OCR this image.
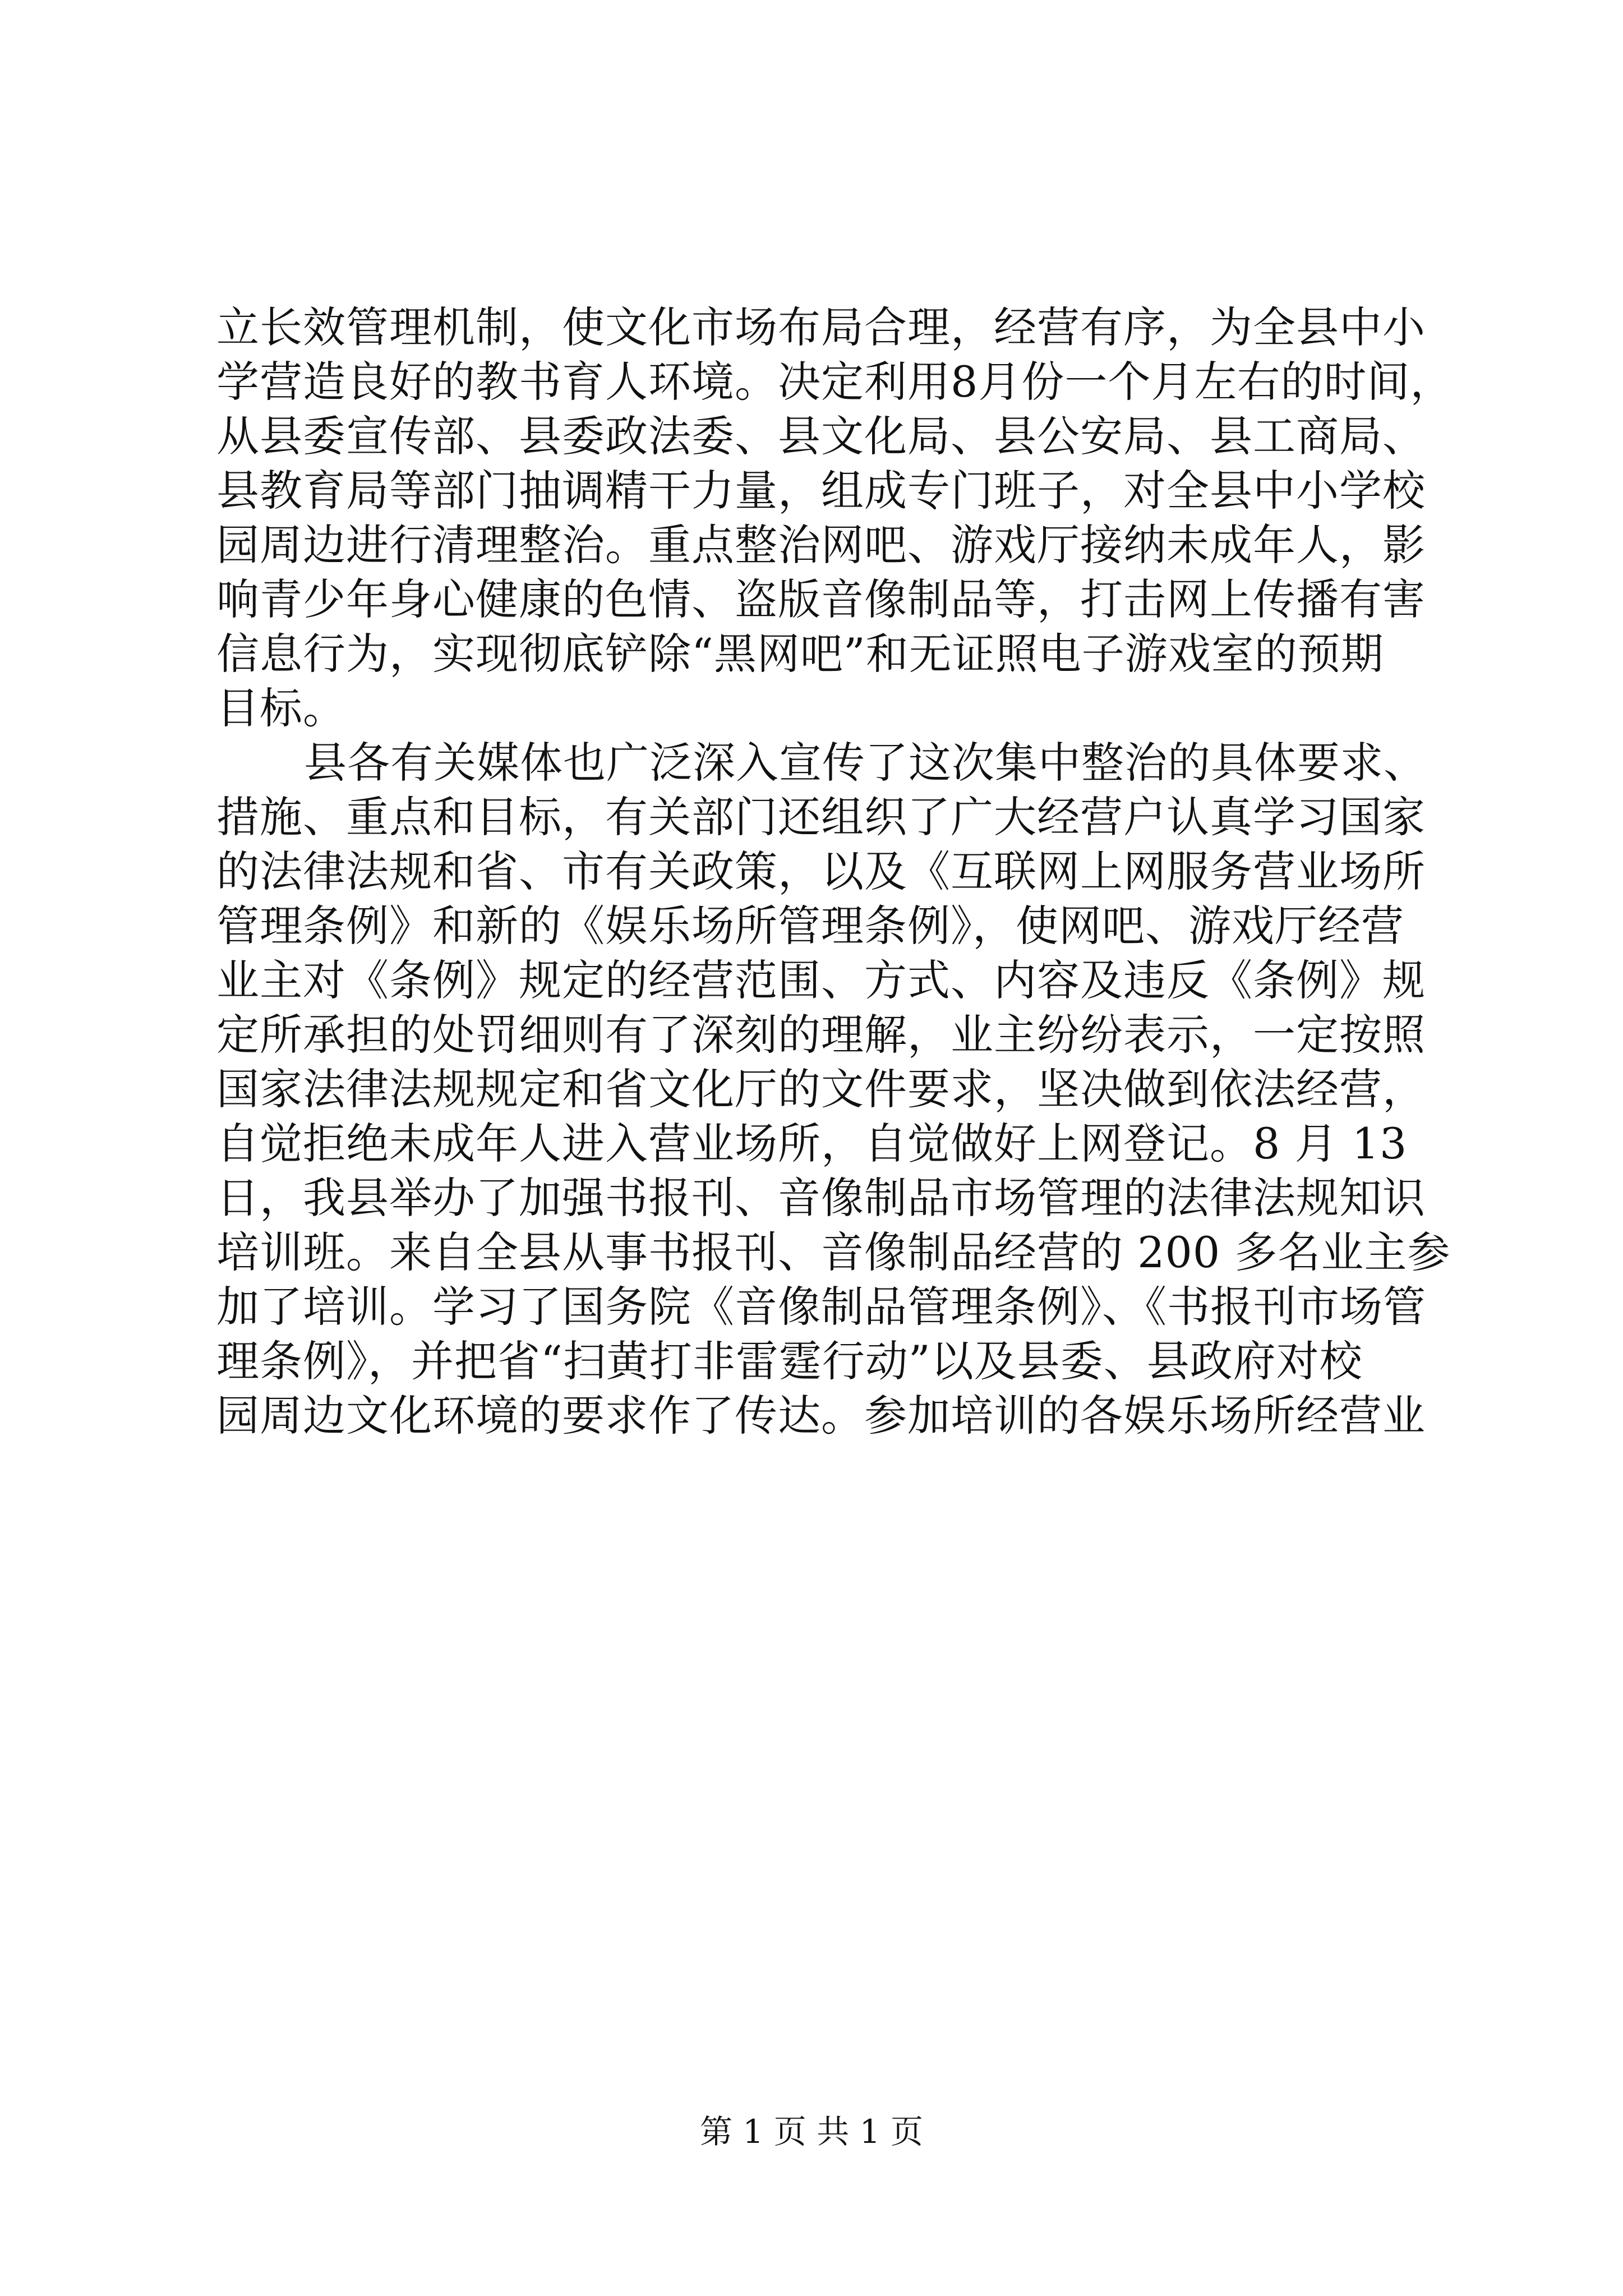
立长效管理机制，使文化市场布局合理，经营有序，为全县中小
学营造良好的教书育人环境。决定利用8月份一个月左右的时间，
从县委宣传部、县委政法委、县文化局、县公安局、县工商局、
县教育局等部门抽调精干力量，组成专门班子，对全县中小学校
园周边进行清理整治。重点整治网吧、游戏厅接纳未成年人，影
响青少年身心健康的色情、盗版音像制品等，打击网上传播有害
信息行为，实现彻底铲除“黑网吧”和无证照电子游戏室的预期
目标。
县各有关媒体也广泛深入宣传了这次集中整治的具体要求、
措施、重点和目标，有关部门还组织了广大经营户认真学习国家
的法律法规和省、市有关政策，以及《互联网上网服务营业场所
管理条例》和新的《娱乐场所管理条例》，使网吧、游戏厅经营
业主对《条例》规定的经营范围、方式、内容及违反《条例》规
定所承担的处罚细则有了深刻的理解，业主纷纷表示，一定按照
国家法律法规规定和省文化厅的文件要求，坚决做到依法经营，
自觉拒绝未成年人进入营业场所，自觉做好上网登记。8 月 13
日，我县举办了加强书报刊、音像制品市场管理的法律法规知识
培训班。来自全县从事书报刊、音像制品经营的 200 多名业主参
加了培训。学习了国务院《音像制品管理条例》、《书报刊市场管
理条例》，并把省“扫黄打非雷霆行动”以及县委、县政府对校
园周边文化环境的要求作了传达。参加培训的各娱乐场所经营业
第 1 页 共 1 页
